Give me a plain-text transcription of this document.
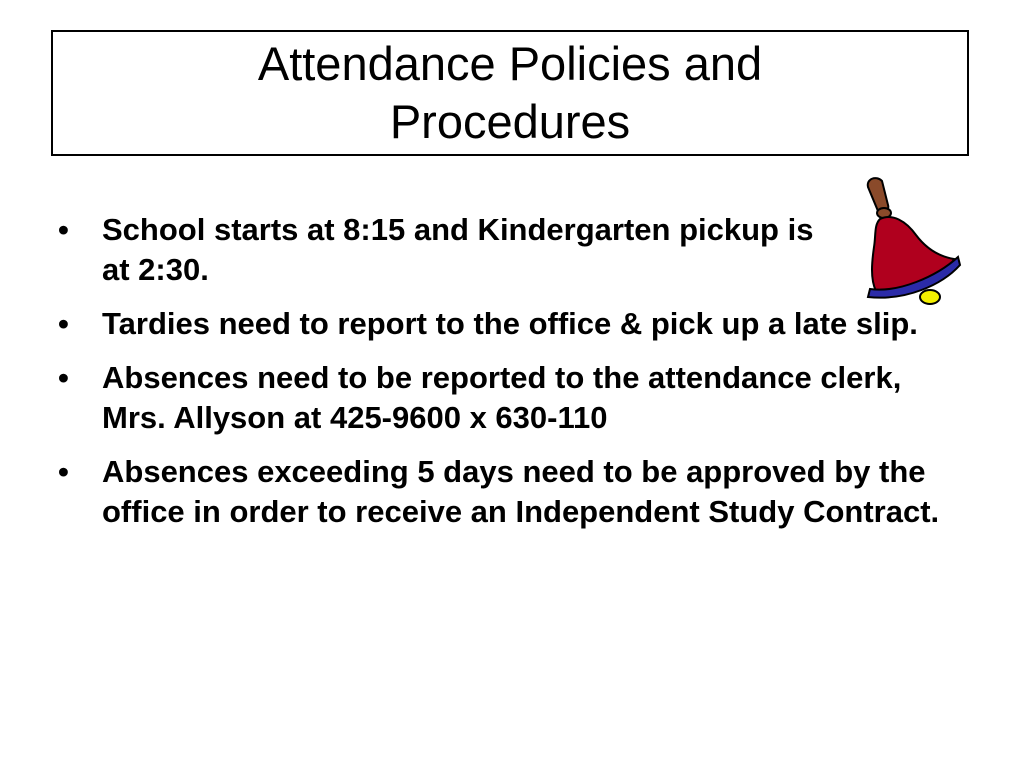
Attendance Policies and Procedures
• School starts at 8:15 and Kindergarten pickup is at 2:30.
• Tardies need to report to the office & pick up a late slip.
• Absences need to be reported to the attendance clerk, Mrs. Allyson at 425-9600 x 630-110
• Absences exceeding 5 days need to be approved by the office in order to receive an Independent Study Contract.
